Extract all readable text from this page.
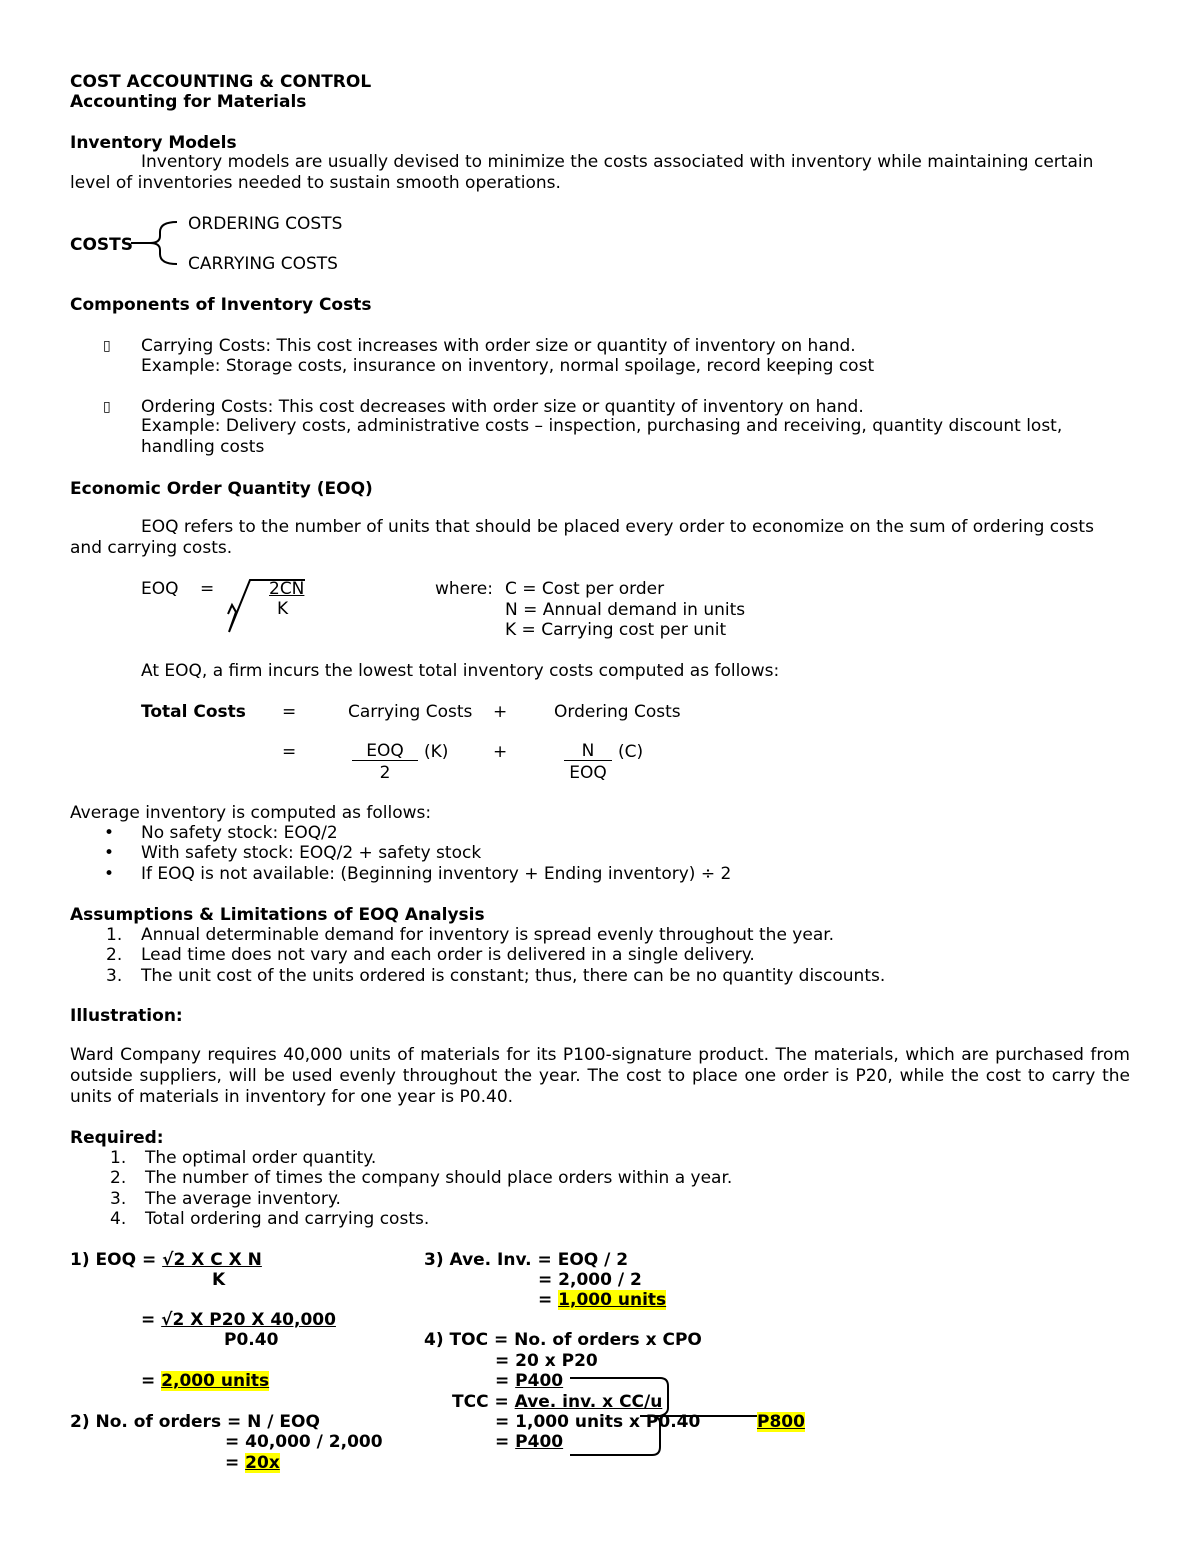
COST ACCOUNTING & CONTROL
Accounting for Materials
Inventory Models
Inventory models are usually devised to minimize the costs associated with inventory while maintaining certain level of inventories needed to sustain smooth operations.
COSTS
ORDERING COSTS
CARRYING COSTS
Components of Inventory Costs
▯ Carrying Costs: This cost increases with order size or quantity of inventory on hand.
Example: Storage costs, insurance on inventory, normal spoilage, record keeping cost
▯ Ordering Costs: This cost decreases with order size or quantity of inventory on hand.
Example: Delivery costs, administrative costs – inspection, purchasing and receiving, quantity discount lost, handling costs
Economic Order Quantity (EOQ)
EOQ refers to the number of units that should be placed every order to economize on the sum of ordering costs and carrying costs.
EOQ =	2CN
K
where: C = Cost per order
N = Annual demand in units
K = Carrying cost per unit
At EOQ, a firm incurs the lowest total inventory costs computed as follows:
Total Costs =	Carrying Costs +	Ordering Costs
=	EOQ	(K)
2
+	N	(C)
EOQ
Average inventory is computed as follows:
• No safety stock: EOQ/2
• With safety stock: EOQ/2 + safety stock
• If EOQ is not available: (Beginning inventory + Ending inventory) ÷ 2
Assumptions & Limitations of EOQ Analysis
1. Annual determinable demand for inventory is spread evenly throughout the year.
2. Lead time does not vary and each order is delivered in a single delivery.
3. The unit cost of the units ordered is constant; thus, there can be no quantity discounts.
Illustration:
Ward Company requires 40,000 units of materials for its P100-signature product. The materials, which are purchased from outside suppliers, will be used evenly throughout the year. The cost to place one order is P20, while the cost to carry the units of materials in inventory for one year is P0.40.
Required:
1. The optimal order quantity.
2. The number of times the company should place orders within a year.
3. The average inventory.
4. Total ordering and carrying costs.
1) EOQ = √2 X C X N
K
= √2 X P20 X 40,000
P0.40
= 2,000 units
2) No. of orders = N / EOQ
= 40,000 / 2,000
= 20x
3) Ave. Inv. = EOQ / 2
= 2,000 / 2
= 1,000 units
4) TOC = No. of orders x CPO
= 20 x P20
= P400
TCC = Ave. inv. x CC/u
= 1,000 units x P0.40
= P400
P800
